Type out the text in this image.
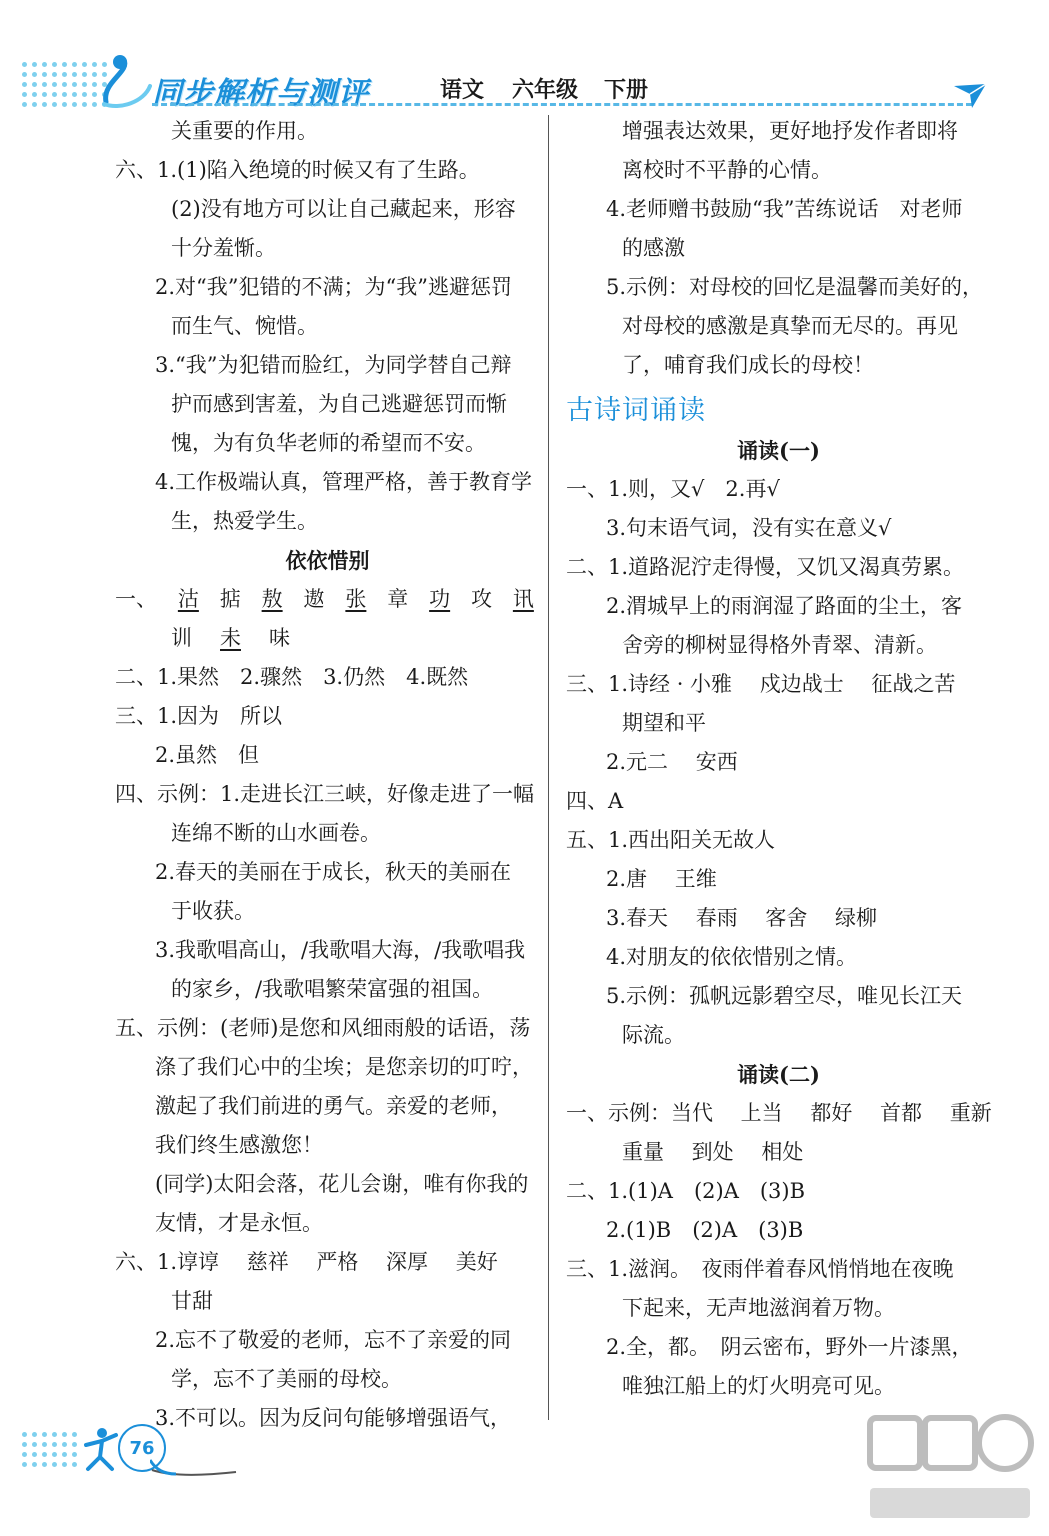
同步解析与测评	语文 六年级 下册
关重要的作用。
六、1.(1)陷入绝境的时候又有了生路。
(2)没有地方可以让自己藏起来，形容
十分羞惭。
2.对“我”犯错的不满；为“我”逃避惩罚
而生气、惋惜。
3.“我”为犯错而脸红，为同学替自己辩
护而感到害羞，为自己逃避惩罚而惭
愧，为有负华老师的希望而不安。
4.工作极端认真，管理严格，善于教育学
生，热爱学生。
依依惜别
一、 沽 掂 敖 遨 张 章 功 攻 讯
训 未 味
二、1.果然　2.骤然　3.仍然　4.既然
三、1.因为　所以
2.虽然　但
四、示例：1.走进长江三峡，好像走进了一幅
连绵不断的山水画卷。
2.春天的美丽在于成长，秋天的美丽在
于收获。
3.我歌唱高山，/我歌唱大海，/我歌唱我
的家乡，/我歌唱繁荣富强的祖国。
五、示例：(老师)是您和风细雨般的话语，荡
涤了我们心中的尘埃；是您亲切的叮咛，
激起了我们前进的勇气。亲爱的老师，
我们终生感激您！
(同学)太阳会落，花儿会谢，唯有你我的
友情，才是永恒。
六、1.谆谆　 慈祥　 严格　 深厚　 美好
甘甜
2.忘不了敬爱的老师，忘不了亲爱的同
学，忘不了美丽的母校。
3.不可以。因为反问句能够增强语气，
增强表达效果，更好地抒发作者即将
离校时不平静的心情。
4.老师赠书鼓励“我”苦练说话　对老师
的感激
5.示例：对母校的回忆是温馨而美好的，
对母校的感激是真挚而无尽的。再见
了，哺育我们成长的母校！
古诗词诵读
诵读(一)
一、1.则，又√　2.再√
3.句末语气词，没有实在意义√
二、1.道路泥泞走得慢，又饥又渴真劳累。
2.渭城早上的雨润湿了路面的尘土，客
舍旁的柳树显得格外青翠、清新。
三、1.诗经 · 小雅　 戍边战士　 征战之苦
期望和平
2.元二　 安西
四、A
五、1.西出阳关无故人
2.唐　 王维
3.春天　 春雨　 客舍　 绿柳
4.对朋友的依依惜别之情。
5.示例：孤帆远影碧空尽，唯见长江天
际流。
诵读(二)
一、示例：当代　 上当　 都好　 首都　 重新
重量　 到处　 相处
二、1.(1)A　(2)A　(3)B
2.(1)B　(2)A　(3)B
三、1.滋润。　夜雨伴着春风悄悄地在夜晚
下起来，无声地滋润着万物。
2.全，都。　阴云密布，野外一片漆黑，
唯独江船上的灯火明亮可见。
76
